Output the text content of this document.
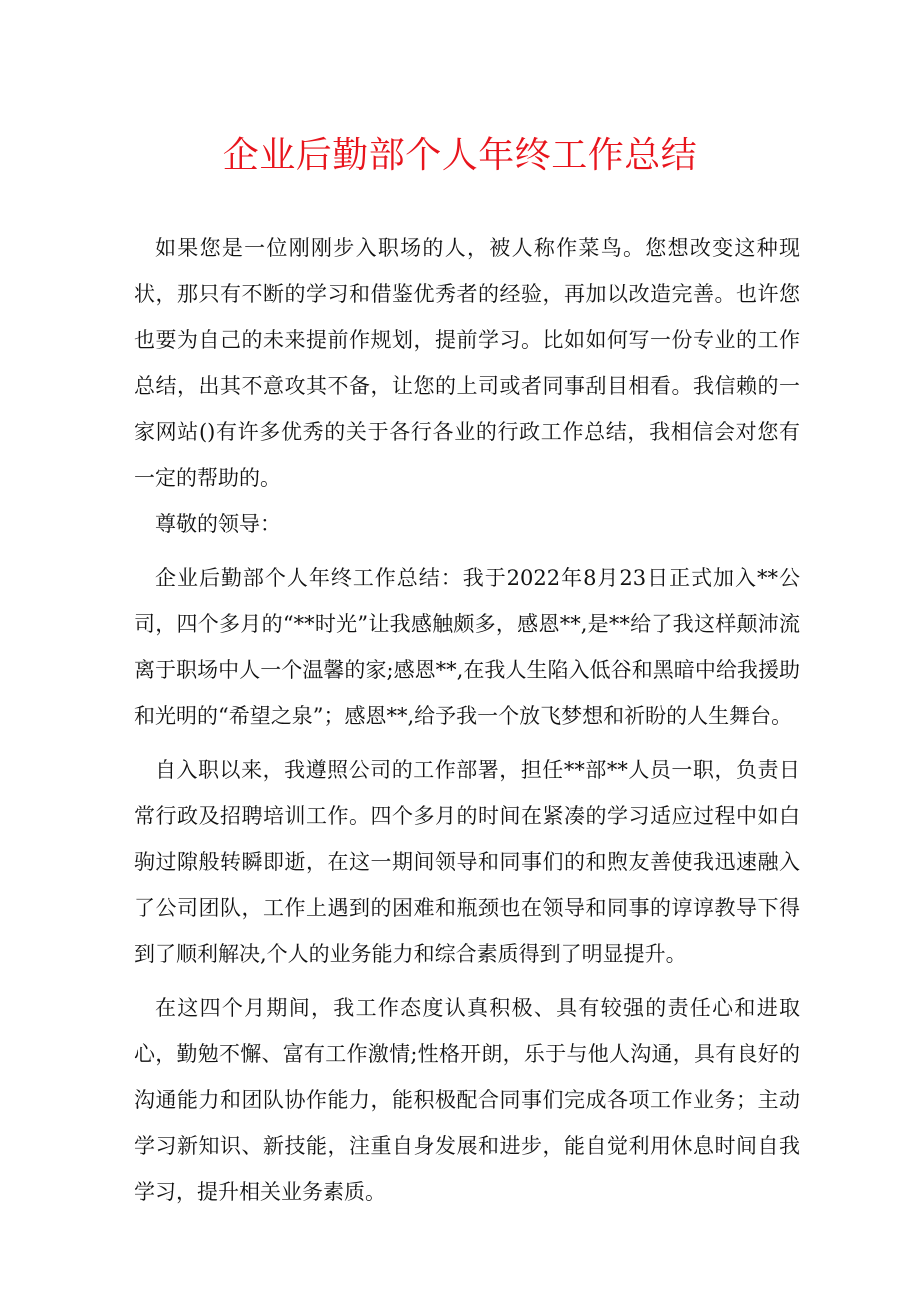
企业后勤部个人年终工作总结

如果您是一位刚刚步入职场的人，被人称作菜鸟。您想改变这种现状，那只有不断的学习和借鉴优秀者的经验，再加以改造完善。也许您也要为自己的未来提前作规划，提前学习。比如如何写一份专业的工作总结，出其不意攻其不备，让您的上司或者同事刮目相看。我信赖的一家网站()有许多优秀的关于各行各业的行政工作总结，我相信会对您有一定的帮助的。

尊敬的领导：

企业后勤部个人年终工作总结：我于2022年8月23日正式加入**公司，四个多月的“**时光”让我感触颇多，感恩**,是**给了我这样颠沛流离于职场中人一个温馨的家;感恩**,在我人生陷入低谷和黑暗中给我援助和光明的“希望之泉”；感恩**,给予我一个放飞梦想和祈盼的人生舞台。

自入职以来，我遵照公司的工作部署，担任**部**人员一职，负责日常行政及招聘培训工作。四个多月的时间在紧凑的学习适应过程中如白驹过隙般转瞬即逝，在这一期间领导和同事们的和煦友善使我迅速融入了公司团队，工作上遇到的困难和瓶颈也在领导和同事的谆谆教导下得到了顺利解决,个人的业务能力和综合素质得到了明显提升。

在这四个月期间，我工作态度认真积极、具有较强的责任心和进取心，勤勉不懈、富有工作激情;性格开朗，乐于与他人沟通，具有良好的沟通能力和团队协作能力，能积极配合同事们完成各项工作业务；主动学习新知识、新技能，注重自身发展和进步，能自觉利用休息时间自我学习，提升相关业务素质。
